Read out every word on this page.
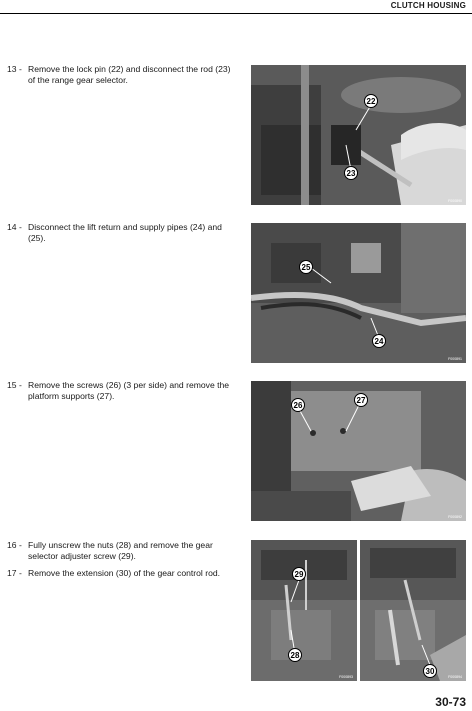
CLUTCH HOUSING
13 - Remove the lock pin (22) and disconnect the rod (23) of the range gear selector.
22
23
F000890
14 - Disconnect the lift return and supply pipes (24) and (25).
25
24
F000891
15 - Remove the screws (26) (3 per side) and remove the platform supports (27).
26
27
F000892
16 - Fully unscrew the nuts (28) and remove the gear selector adjuster screw (29).
17 - Remove the extension (30) of the gear control rod.	29
28
F000893
30
F000894
30-73
